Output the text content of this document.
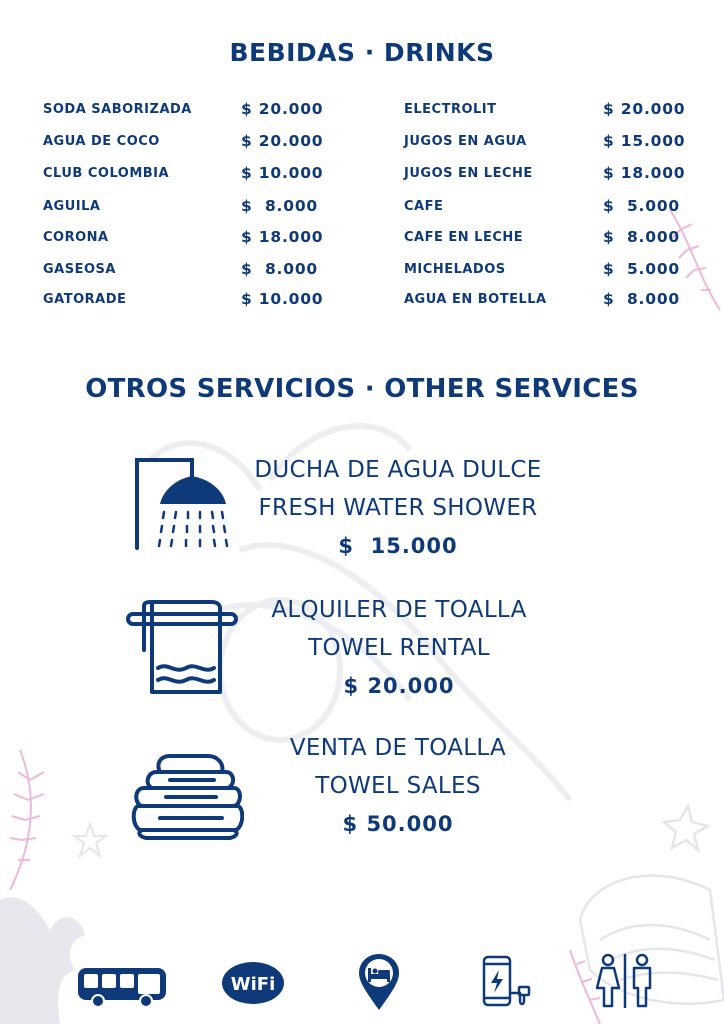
BEBIDAS · DRINKS
SODA SABORIZADA	$ 20.000
AGUA DE COCO	$ 20.000
CLUB COLOMBIA	$ 10.000
AGUILA	$  8.000
CORONA	$ 18.000
GASEOSA	$  8.000
GATORADE	$ 10.000
ELECTROLIT	$ 20.000
JUGOS EN AGUA	$ 15.000
JUGOS EN LECHE	$ 18.000
CAFE	$  5.000
CAFE EN LECHE	$  8.000
MICHELADOS	$  5.000
AGUA EN BOTELLA	$  8.000
OTROS SERVICIOS · OTHER SERVICES
DUCHA DE AGUA DULCE
FRESH WATER SHOWER
$  15.000
ALQUILER DE TOALLA
TOWEL RENTAL
$ 20.000
VENTA DE TOALLA
TOWEL SALES
$ 50.000
WiFi
